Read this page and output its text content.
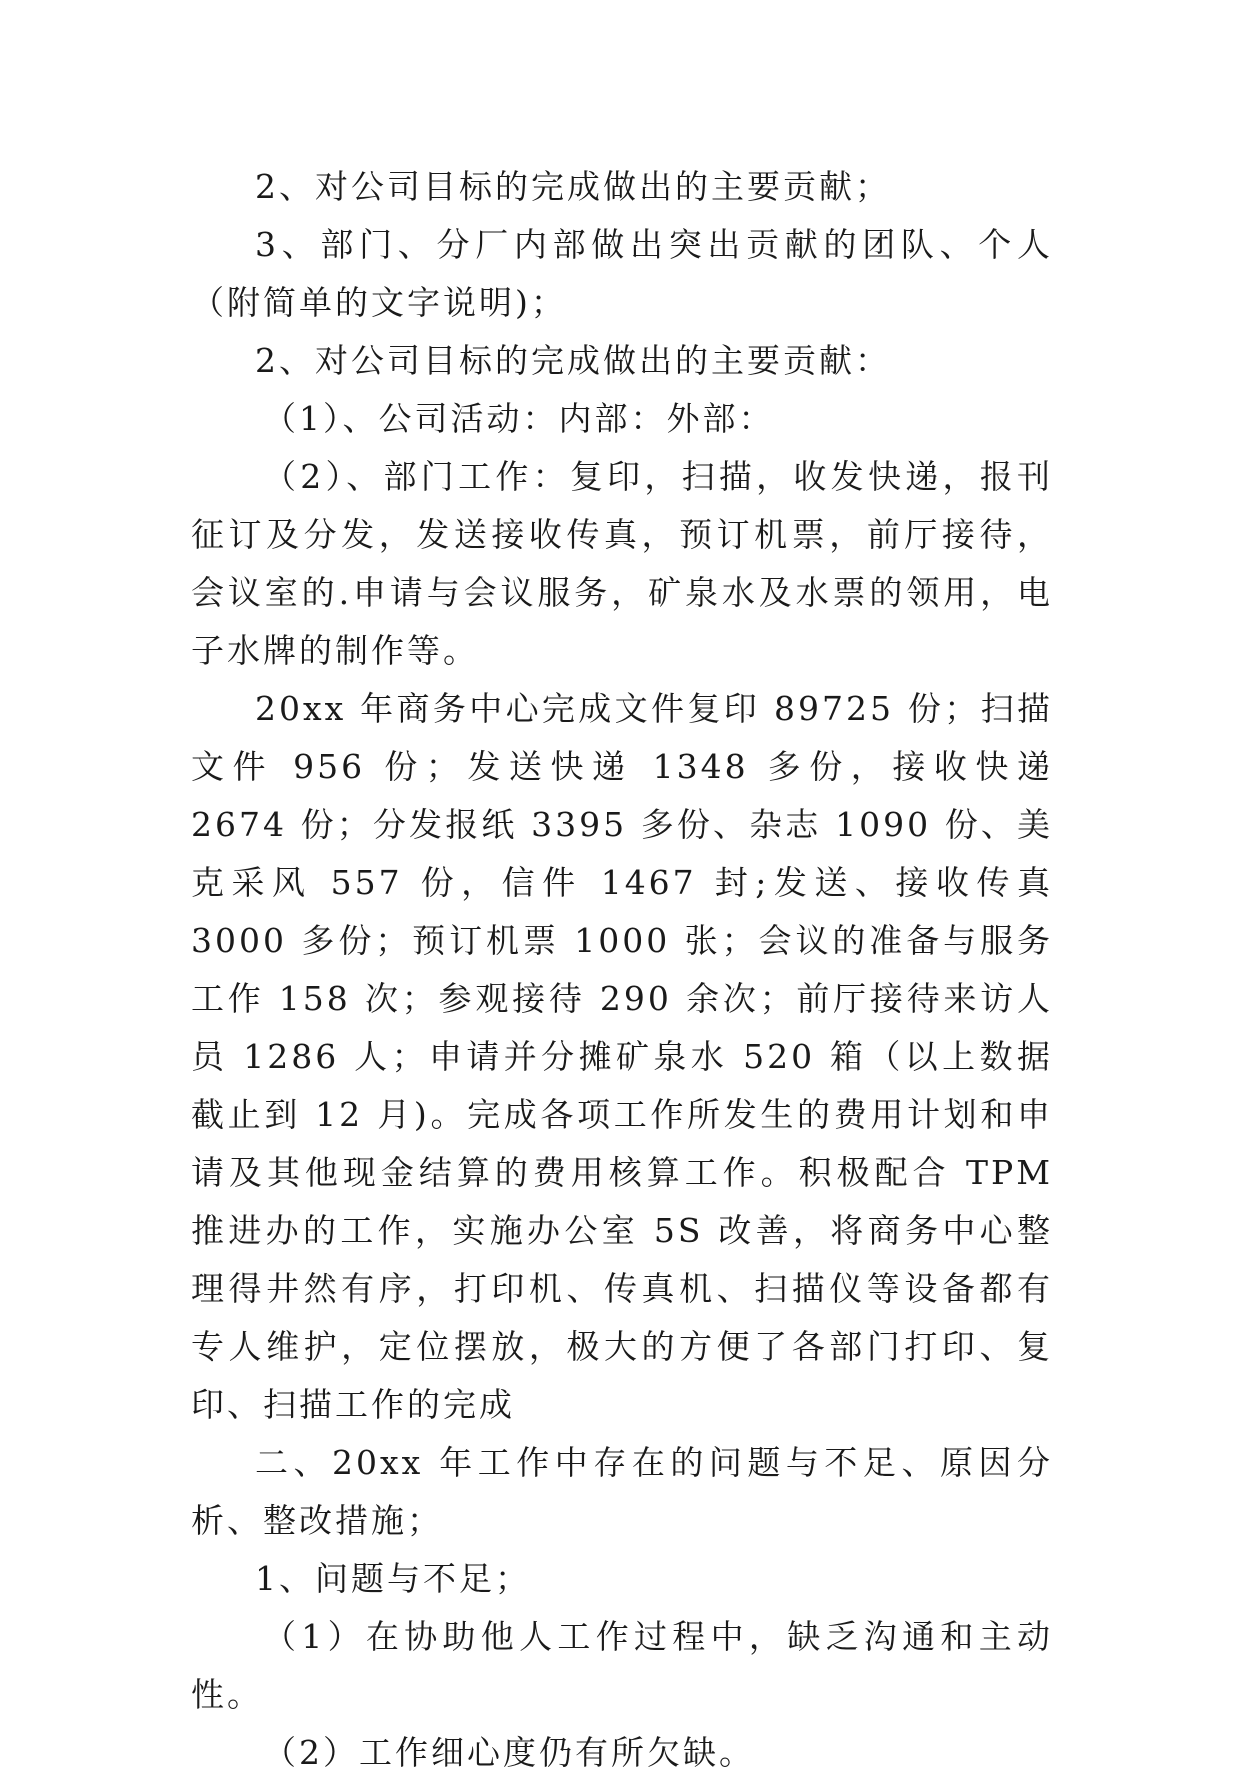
2、对公司目标的完成做出的主要贡献；

3、部门、分厂内部做出突出贡献的团队、个人（附简单的文字说明)；

2、对公司目标的完成做出的主要贡献：

（1）、公司活动：内部：外部：

（2）、部门工作：复印，扫描，收发快递，报刊征订及分发，发送接收传真，预订机票，前厅接待，会议室的.申请与会议服务，矿泉水及水票的领用，电子水牌的制作等。

20xx 年商务中心完成文件复印 89725 份；扫描文件 956 份；发送快递 1348 多份，接收快递 2674 份；分发报纸 3395 多份、杂志 1090 份、美克采风 557 份，信件 1467 封;发送、接收传真 3000 多份；预订机票 1000 张；会议的准备与服务工作 158 次；参观接待 290 余次；前厅接待来访人员 1286 人；申请并分摊矿泉水 520 箱（以上数据截止到 12 月)。完成各项工作所发生的费用计划和申请及其他现金结算的费用核算工作。积极配合 TPM 推进办的工作，实施办公室 5S 改善，将商务中心整理得井然有序，打印机、传真机、扫描仪等设备都有专人维护，定位摆放，极大的方便了各部门打印、复印、扫描工作的完成

二、20xx 年工作中存在的问题与不足、原因分析、整改措施；

1、问题与不足；

（1）在协助他人工作过程中，缺乏沟通和主动性。

（2）工作细心度仍有所欠缺。
